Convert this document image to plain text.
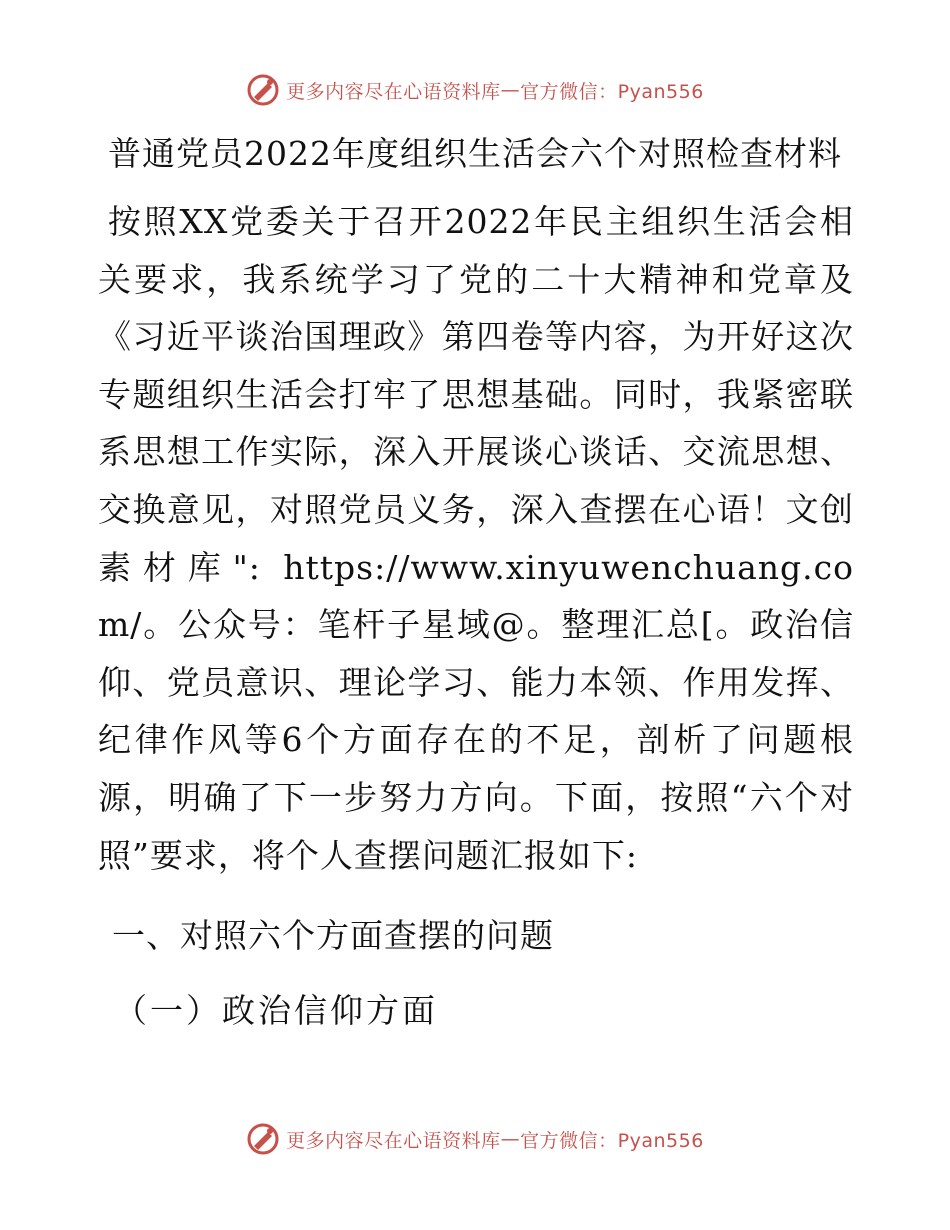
更多内容尽在心语资料库 — 官方微信：Pyan556
普通党员2022年度组织生活会六个对照检查材料
按照XX党委关于召开2022年民主组织生活会相关要求，我系统学习了党的二十大精神和党章及《习近平谈治国理政》第四卷等内容，为开好这次专题组织生活会打牢了思想基础。同时，我紧密联系思想工作实际，深入开展谈心谈话、交流思想、交换意见，对照党员义务，深入查摆在心语！文创素材库": https://www.xinyuwenchuang.com/。公众号：笔杆子星域@。整理汇总[。政治信仰、党员意识、理论学习、能力本领、作用发挥、纪律作风等6个方面存在的不足，剖析了问题根源，明确了下一步努力方向。下面，按照“六个对照”要求，将个人查摆问题汇报如下:
一、对照六个方面查摆的问题
（一）政治信仰方面
更多内容尽在心语资料库 — 官方微信：Pyan556
